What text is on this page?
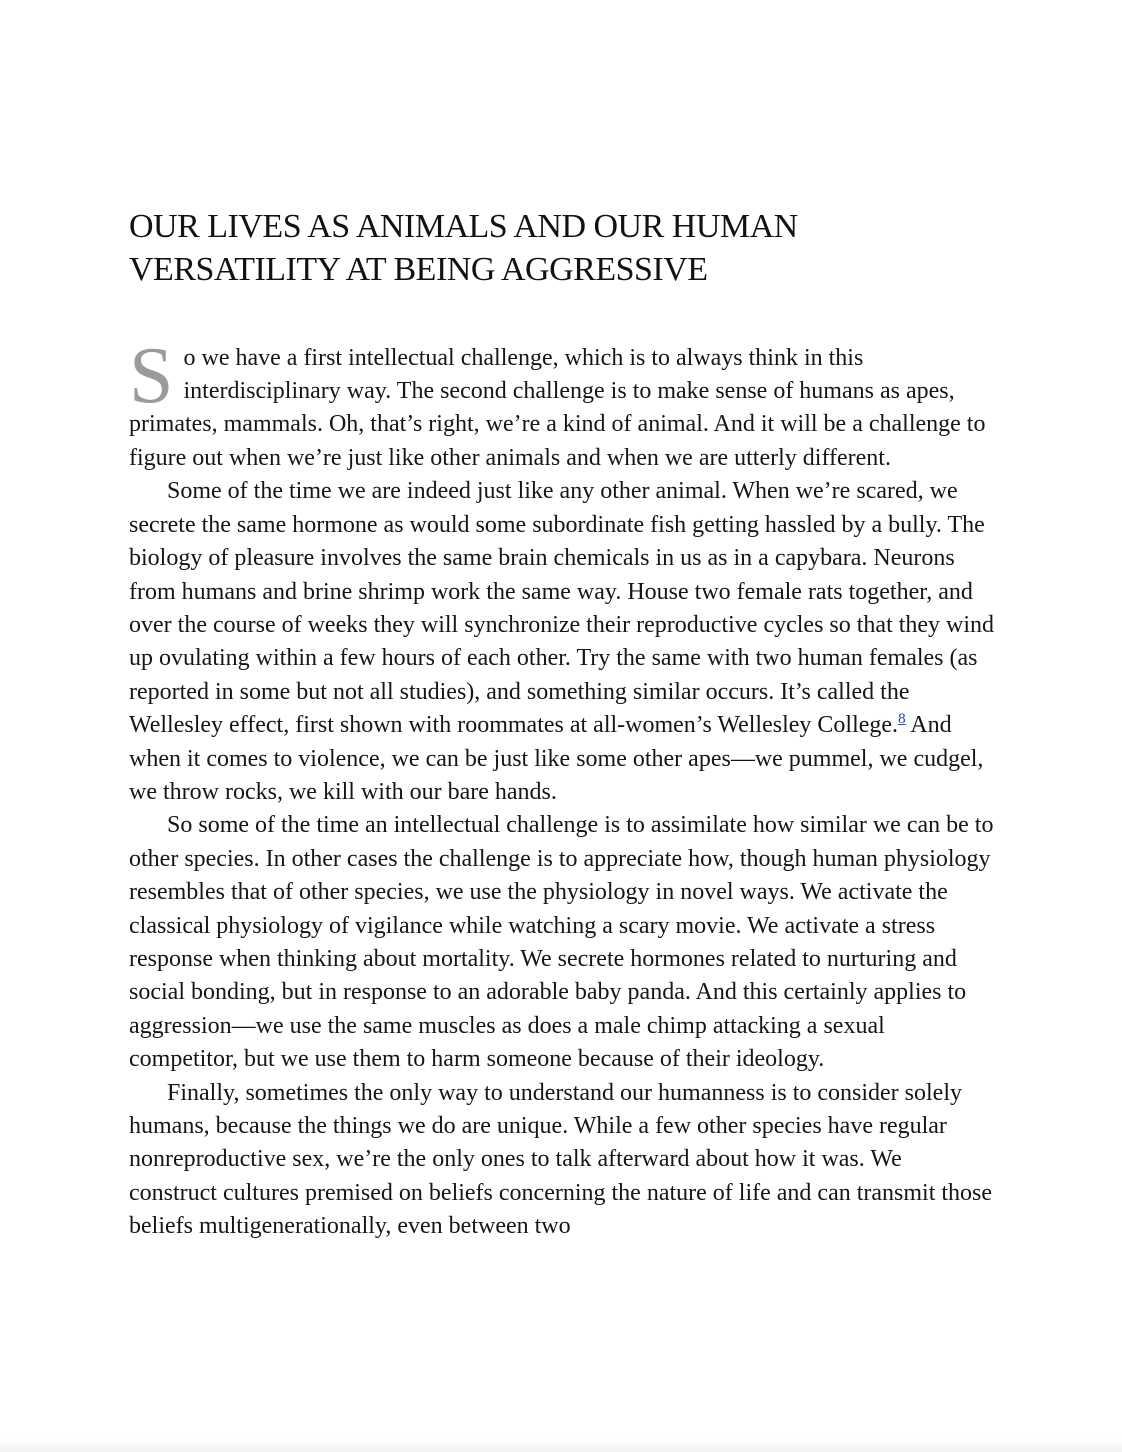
OUR LIVES AS ANIMALS AND OUR HUMAN VERSATILITY AT BEING AGGRESSIVE

So we have a first intellectual challenge, which is to always think in this interdisciplinary way. The second challenge is to make sense of humans as apes, primates, mammals. Oh, that’s right, we’re a kind of animal. And it will be a challenge to figure out when we’re just like other animals and when we are utterly different.

Some of the time we are indeed just like any other animal. When we’re scared, we secrete the same hormone as would some subordinate fish getting hassled by a bully. The biology of pleasure involves the same brain chemicals in us as in a capybara. Neurons from humans and brine shrimp work the same way. House two female rats together, and over the course of weeks they will synchronize their reproductive cycles so that they wind up ovulating within a few hours of each other. Try the same with two human females (as reported in some but not all studies), and something similar occurs. It’s called the Wellesley effect, first shown with roommates at all-women’s Wellesley College.$^8$ And when it comes to violence, we can be just like some other apes—we pummel, we cudgel, we throw rocks, we kill with our bare hands.

So some of the time an intellectual challenge is to assimilate how similar we can be to other species. In other cases the challenge is to appreciate how, though human physiology resembles that of other species, we use the physiology in novel ways. We activate the classical physiology of vigilance while watching a scary movie. We activate a stress response when thinking about mortality. We secrete hormones related to nurturing and social bonding, but in response to an adorable baby panda. And this certainly applies to aggression—we use the same muscles as does a male chimp attacking a sexual competitor, but we use them to harm someone because of their ideology.

Finally, sometimes the only way to understand our humanness is to consider solely humans, because the things we do are unique. While a few other species have regular nonreproductive sex, we’re the only ones to talk afterward about how it was. We construct cultures premised on beliefs concerning the nature of life and can transmit those beliefs multigenerationally, even between two
